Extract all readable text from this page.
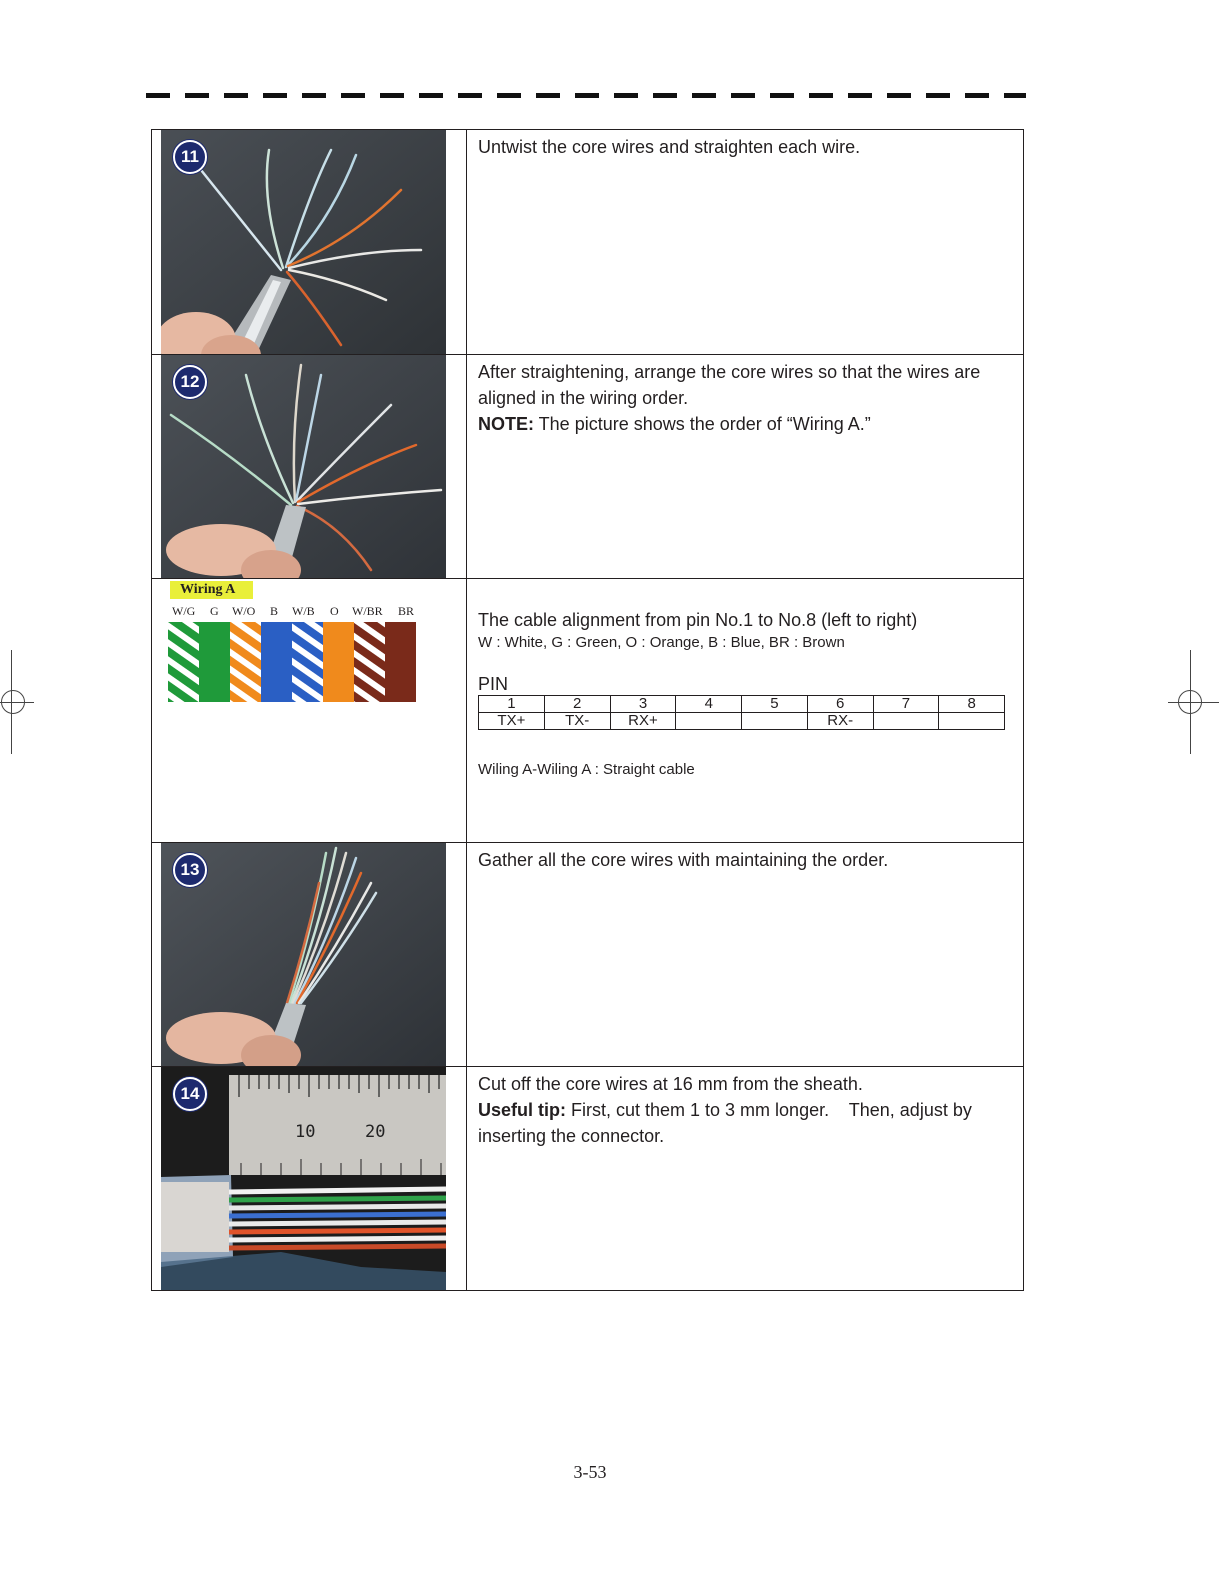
11	Untwist the core wires and straighten each wire.
12	After straightening, arrange the core wires so that the wires are aligned in the wiring order.
NOTE: The picture shows the order of “Wiring A.”
Wiring A
W/G G W/O B W/B O W/BR BR	The cable alignment from pin No.1 to No.8 (left to right)
W : White, G : Green, O : Orange, B : Blue, BR : Brown
PIN
1	2	3	4	5	6	7	8
TX+	TX-	RX+			RX-		
Wiling A-Wiling A : Straight cable
13	Gather all the core wires with maintaining the order.
10	20
14	Cut off the core wires at 16 mm from the sheath.
Useful tip: First, cut them 1 to 3 mm longer.    Then, adjust by inserting the connector.
3-53
